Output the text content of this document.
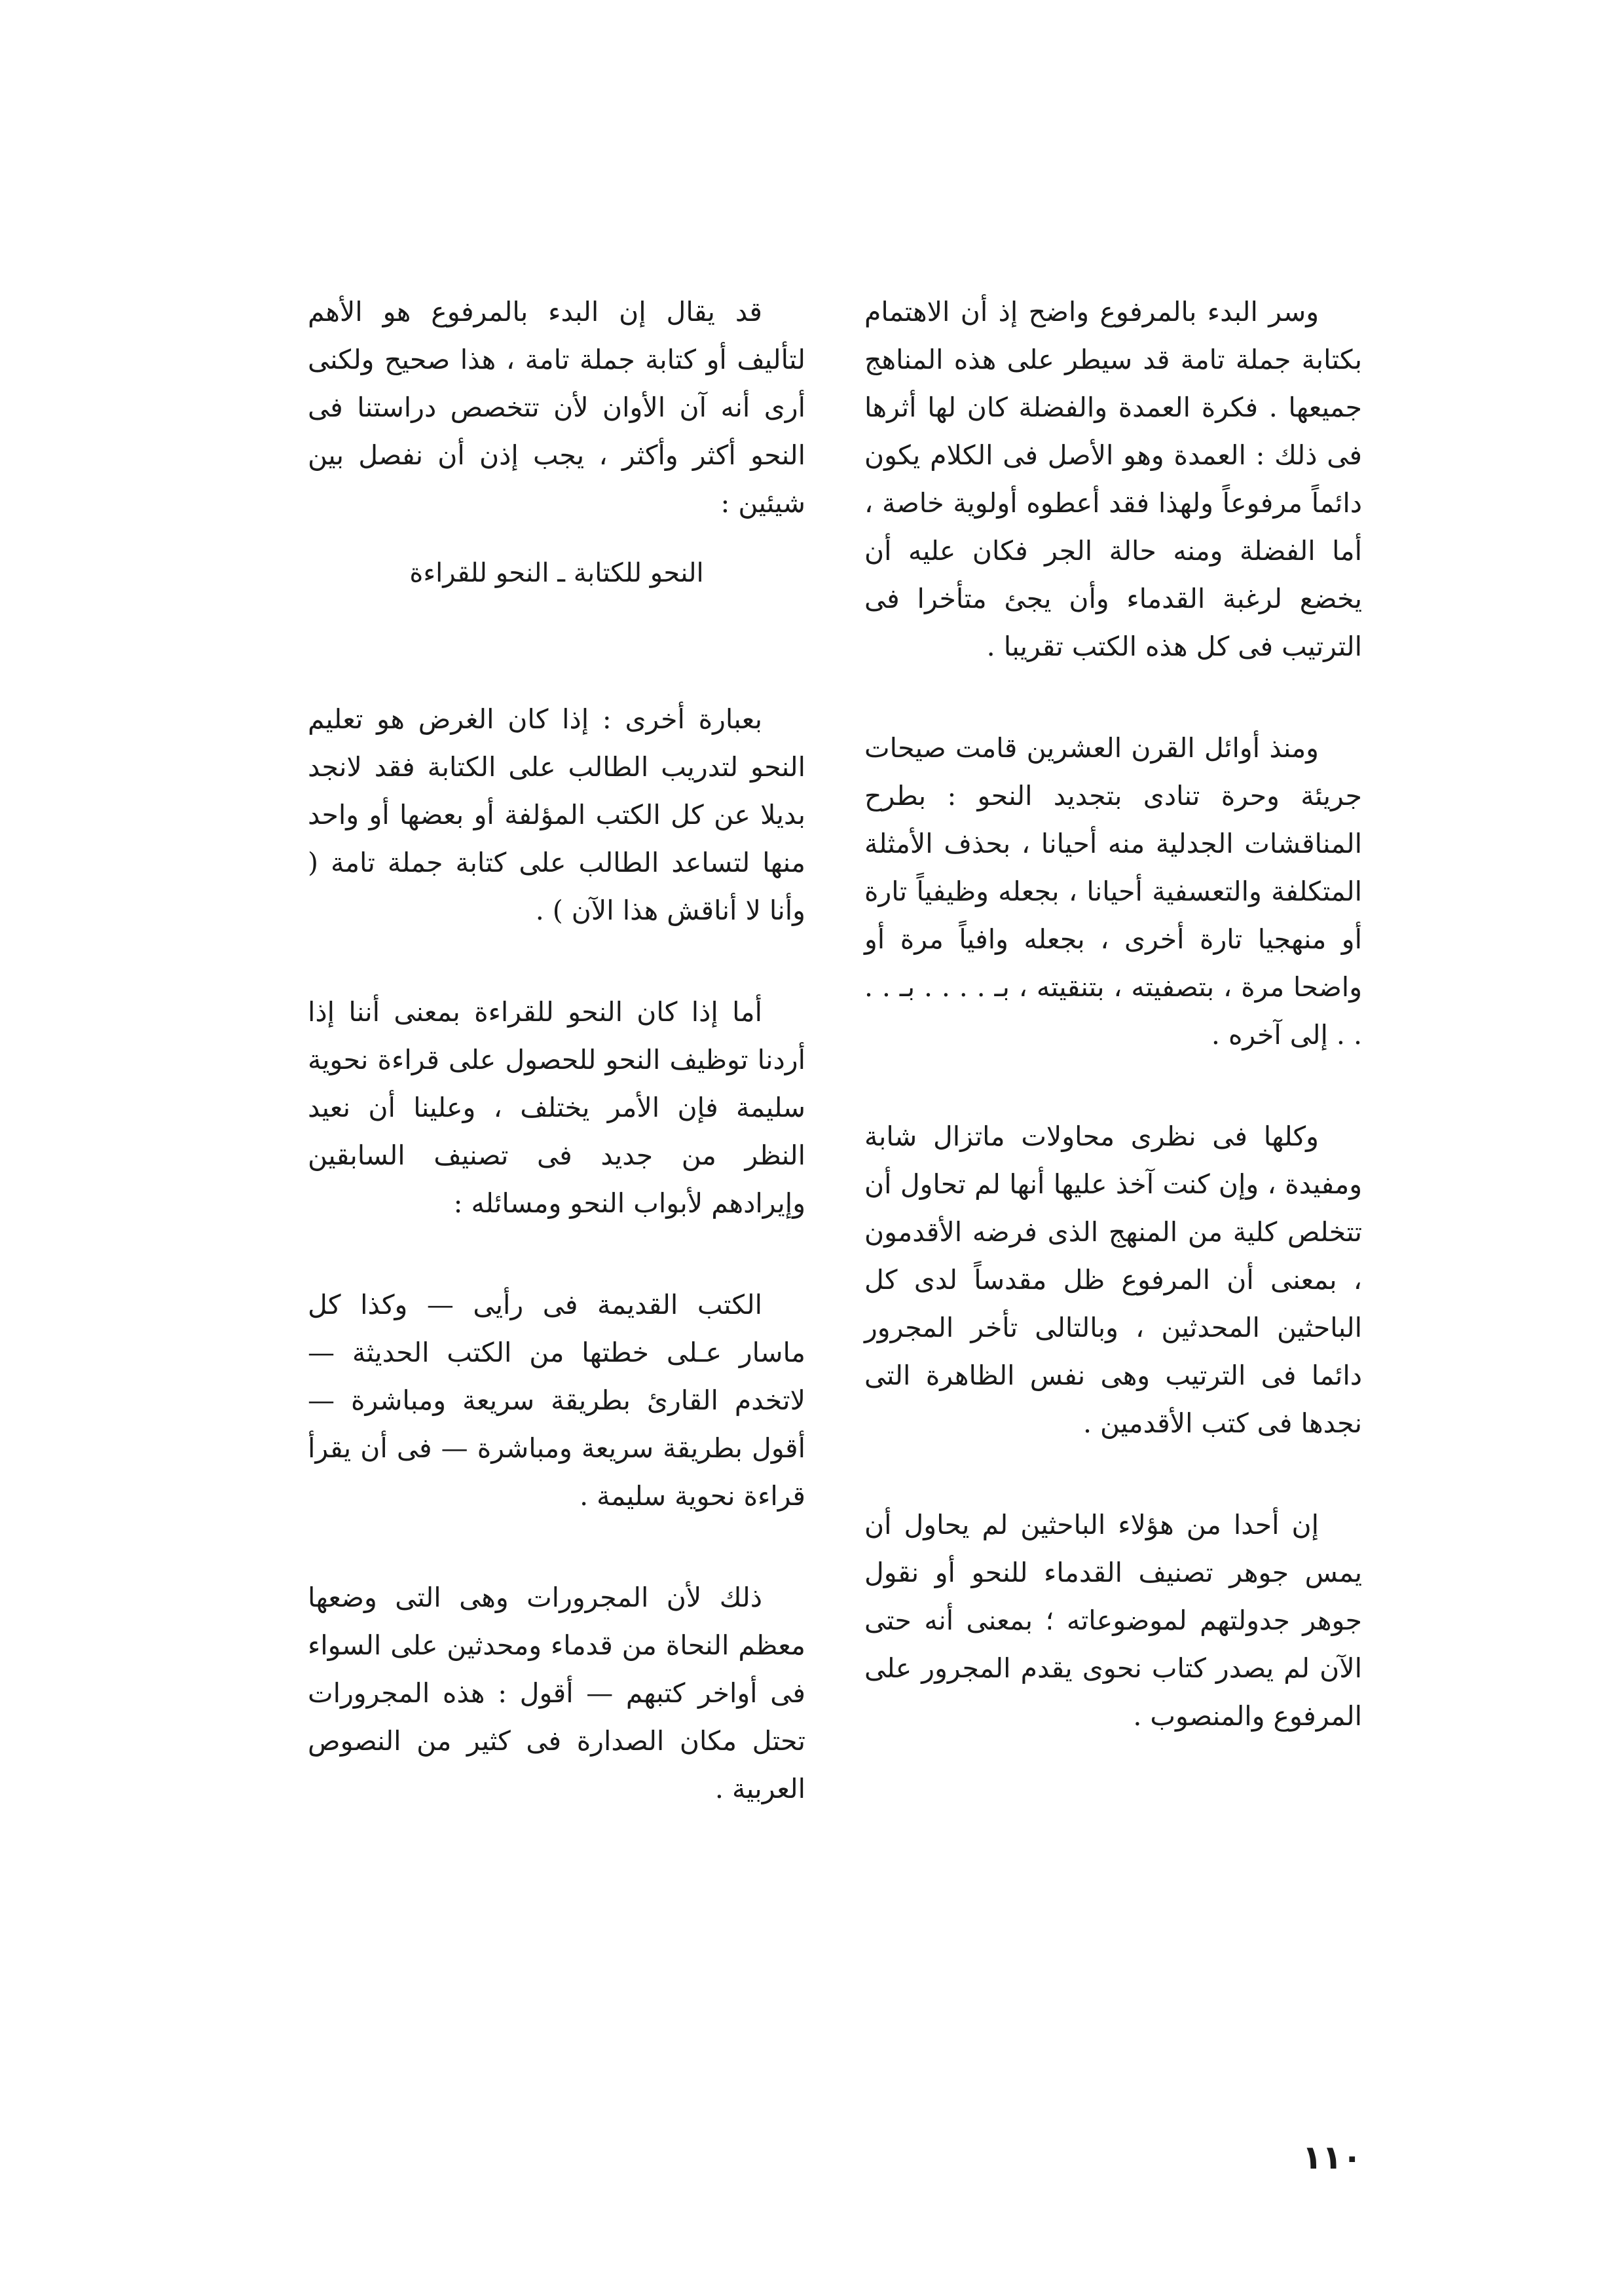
وسر البدء بالمرفوع واضح إذ أن الاهتمام بكتابة جملة تامة قد سيطر على هذه المناهج جميعها . فكرة العمدة والفضلة كان لها أثرها فى ذلك : العمدة وهو الأصل فى الكلام يكون دائماً مرفوعاً ولهذا فقد أعطوه أولوية خاصة ، أما الفضلة ومنه حالة الجر فكان عليه أن يخضع لرغبة القدماء وأن يجئ متأخرا فى الترتيب فى كل هذه الكتب تقريبا .

ومنذ أوائل القرن العشرين قامت صيحات جريئة وحرة تنادى بتجديد النحو : بطرح المناقشات الجدلية منه أحيانا ، بحذف الأمثلة المتكلفة والتعسفية أحيانا ، بجعله وظيفياً تارة أو منهجيا تارة أخرى ، بجعله وافياً مرة أو واضحا مرة ، بتصفيته ، بتنقيته ، بـ . . . . بـ . . . . إلى آخره .

وكلها فى نظرى محاولات ماتزال شابة ومفيدة ، وإن كنت آخذ عليها أنها لم تحاول أن تتخلص كلية من المنهج الذى فرضه الأقدمون ، بمعنى أن المرفوع ظل مقدساً لدى كل الباحثين المحدثين ، وبالتالى تأخر المجرور دائما فى الترتيب وهى نفس الظاهرة التى نجدها فى كتب الأقدمين .

إن أحدا من هؤلاء الباحثين لم يحاول أن يمس جوهر تصنيف القدماء للنحو أو نقول جوهر جدولتهم لموضوعاته ؛ بمعنى أنه حتى الآن لم يصدر كتاب نحوى يقدم المجرور على المرفوع والمنصوب .

قد يقال إن البدء بالمرفوع هو الأهم لتأليف أو كتابة جملة تامة ، هذا صحيح ولكنى أرى أنه آن الأوان لأن تتخصص دراستنا فى النحو أكثر وأكثر ، يجب إذن أن نفصل بين شيئين :

النحو للكتابة ـ النحو للقراءة

بعبارة أخرى : إذا كان الغرض هو تعليم النحو لتدريب الطالب على الكتابة فقد لانجد بديلا عن كل الكتب المؤلفة أو بعضها أو واحد منها لتساعد الطالب على كتابة جملة تامة ( وأنا لا أناقش هذا الآن ) .

أما إذا كان النحو للقراءة بمعنى أننا إذا أردنا توظيف النحو للحصول على قراءة نحوية سليمة فإن الأمر يختلف ، وعلينا أن نعيد النظر من جديد فى تصنيف السابقين وإيرادهم لأبواب النحو ومسائله :

الكتب القديمة فى رأيى — وكذا كل ماسار عـلى خطتها من الكتب الحديثة — لاتخدم القارئ بطريقة سريعة ومباشرة — أقول بطريقة سريعة ومباشرة — فى أن يقرأ قراءة نحوية سليمة .

ذلك لأن المجرورات وهى التى وضعها معظم النحاة من قدماء ومحدثين على السواء فى أواخر كتبهم — أقول : هذه المجرورات تحتل مكان الصدارة فى كثير من النصوص العربية .

١١٠
